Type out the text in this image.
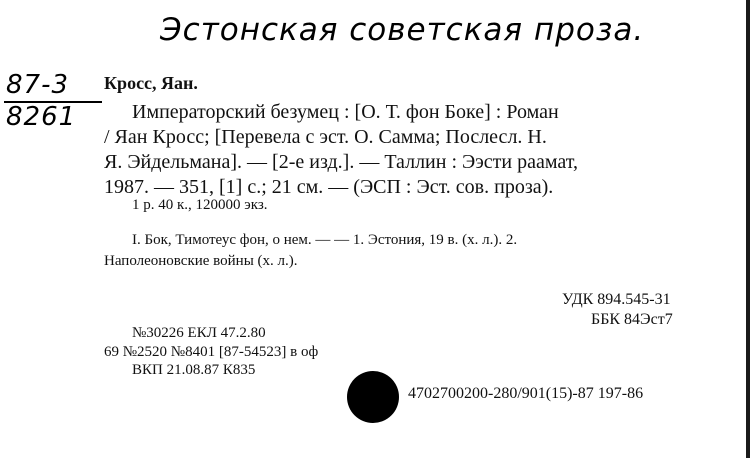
Эстонская советская проза.
87-3
8261
Кросс, Яан.
Императорский безумец : [О. Т. фон Боке] : Роман
/ Яан Кросс; [Перевела с эст. О. Самма; Послесл. Н.
Я. Эйдельмана]. — [2-е изд.]. — Таллин : Ээсти раамат,
1987. — 351, [1] с.; 21 см. — (ЭСП : Эст. сов. проза).
1 р. 40 к., 120000 экз.
I. Бок, Тимотеус фон, о нем. — — 1. Эстония, 19 в. (х. л.). 2.
Наполеоновские войны (х. л.).
УДК 894.545-31
ББК 84Эст7
№30226 ЕКЛ 47.2.80
69 №2520 №8401 [87-54523] в оф
ВКП 21.08.87 К835
4702700200-280/901(15)-87 197-86
